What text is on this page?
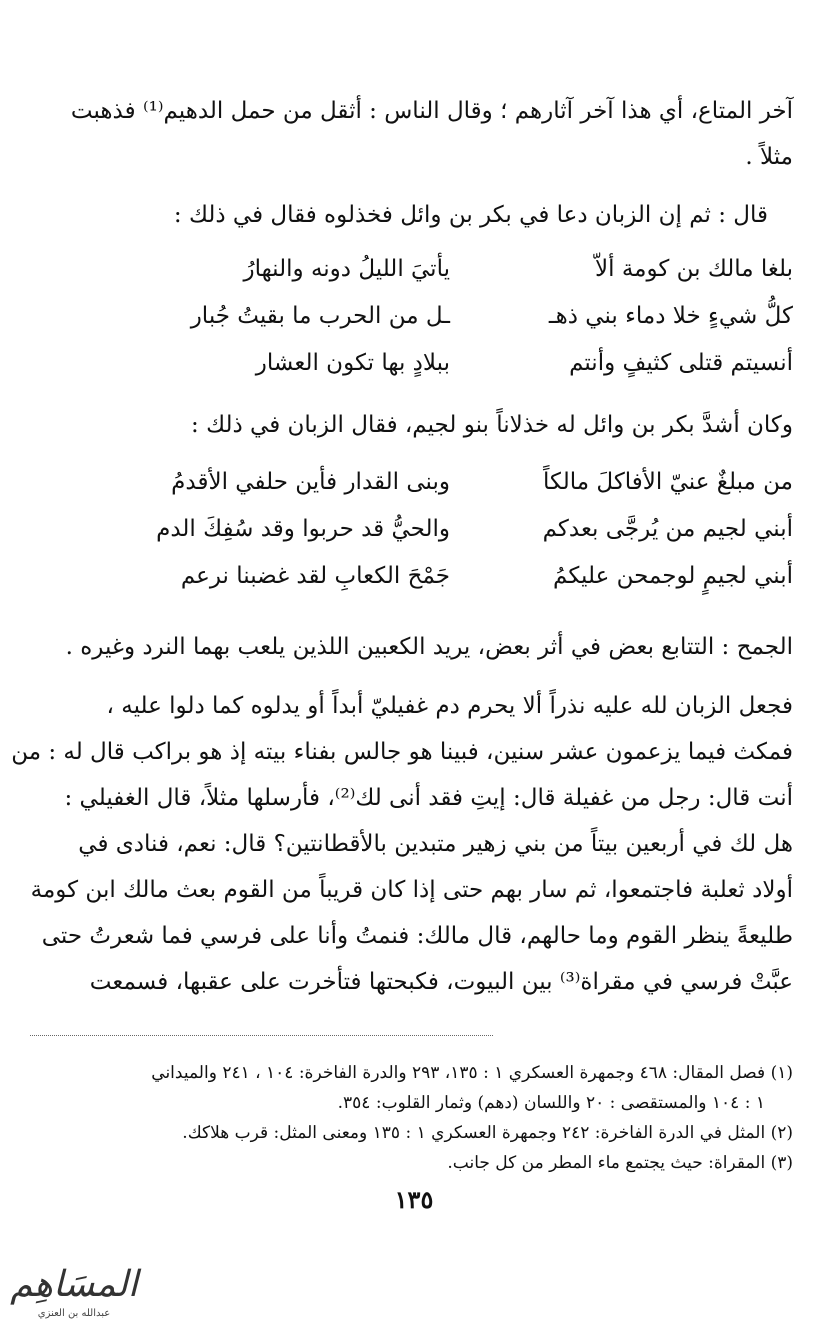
آخر المتاع، أي هذا آخر آثارهم ؛ وقال الناس : أثقل من حمل الدهيم⁽¹⁾ فذهبت
مثلاً .
قال : ثم إن الزبان دعا في بكر بن وائل فخذلوه فقال في ذلك :
بلغا مالك بن كومة ألاّ
يأتيَ الليلُ دونه والنهارُ
كلُّ شيءٍ خلا دماء بني ذهـ
ـل من الحرب ما بقيتُ جُبار
أنسيتم قتلى كثيفٍ وأنتم
ببلادٍ بها تكون العشار
وكان أشدَّ بكر بن وائل له خذلاناً بنو لجيم، فقال الزبان في ذلك :
من مبلغٌ عنيّ الأفاكلَ مالكاً
وبنى القدار فأين حلفي الأقدمُ
أبني لجيم من يُرجَّى بعدكم
والحيُّ قد حربوا وقد سُفِكَ الدم
أبني لجيمٍ لوجمحن عليكمُ
جَمْحَ الكعابِ لقد غضبنا نرعم
الجمح : التتابع بعض في أثر بعض، يريد الكعبين اللذين يلعب بهما النرد وغيره .
فجعل الزبان لله عليه نذراً ألا يحرم دم غفيليّ أبداً أو يدلوه كما دلوا عليه ،
فمكث فيما يزعمون عشر سنين، فبينا هو جالس بفناء بيته إذ هو براكب قال له : من
أنت قال: رجل من غفيلة قال: إيتِ فقد أنى لك⁽²⁾، فأرسلها مثلاً، قال الغفيلي :
هل لك في أربعين بيتاً من بني زهير متبدين بالأقطانتين؟ قال: نعم، فنادى في
أولاد ثعلبة فاجتمعوا، ثم سار بهم حتى إذا كان قريباً من القوم بعث مالك ابن كومة
طليعةً ينظر القوم وما حالهم، قال مالك: فنمتُ وأنا على فرسي فما شعرتُ حتى
عبَّتْ فرسي في مقراة⁽³⁾ بين البيوت، فكبحتها فتأخرت على عقبها، فسمعت
(١) فصل المقال: ٤٦٨ وجمهرة العسكري ١ : ١٣٥، ٢٩٣ والدرة الفاخرة: ١٠٤ ، ٢٤١ والميداني
١ : ١٠٤ والمستقصى : ٢٠ واللسان (دهم) وثمار القلوب: ٣٥٤.
(٢) المثل في الدرة الفاخرة: ٢٤٢ وجمهرة العسكري ١ : ١٣٥ ومعنى المثل: قرب هلاكك.
(٣) المقراة: حيث يجتمع ماء المطر من كل جانب.
١٣٥
المسَاهِم
عبدالله بن العنزي
